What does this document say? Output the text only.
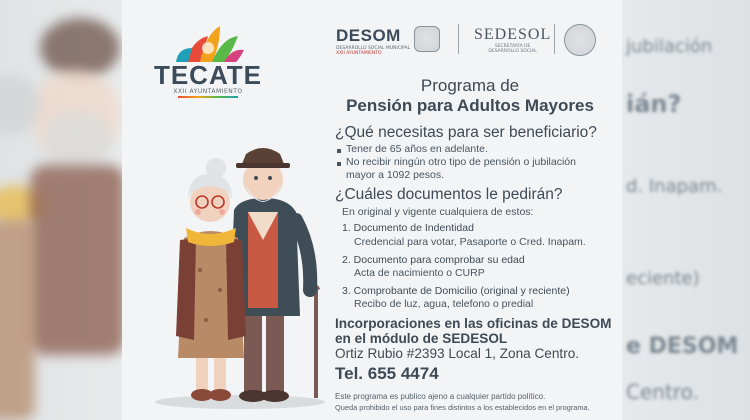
jubilación
ián?
d. Inapam.
eciente)
e DESOM
Centro.
TECATE
XXII AYUNTAMIENTO
DESOM
DESARROLLO SOCIAL MUNICIPAL
XXII AYUNTAMIENTO
SEDESOL
SECRETARÍA DE
DESARROLLO SOCIAL
Programa de
Pensión para Adultos Mayores
¿Qué necesitas para ser beneficiario?
Tener de 65 años en adelante.
No recibir ningún otro tipo de pensión o jubilación
mayor a 1092 pesos.
¿Cuáles documentos le pedirán?
En original y vigente cualquiera de estos:
1. Documento de Indentidad
Credencial para votar, Pasaporte o Cred. Inapam.
2. Documento para comprobar su edad
Acta de nacimiento o CURP
3. Comprobante de Domicilio (original y reciente)
Recibo de luz, agua, telefono o predial
Incorporaciones en las oficinas de DESOM
en el módulo de SEDESOL
Ortiz Rubio #2393 Local 1, Zona Centro.
Tel. 655 4474
Este programa es publico ajeno a cualquier partido político.
Queda prohibido el uso para fines distintos a los establecidos en el programa.
